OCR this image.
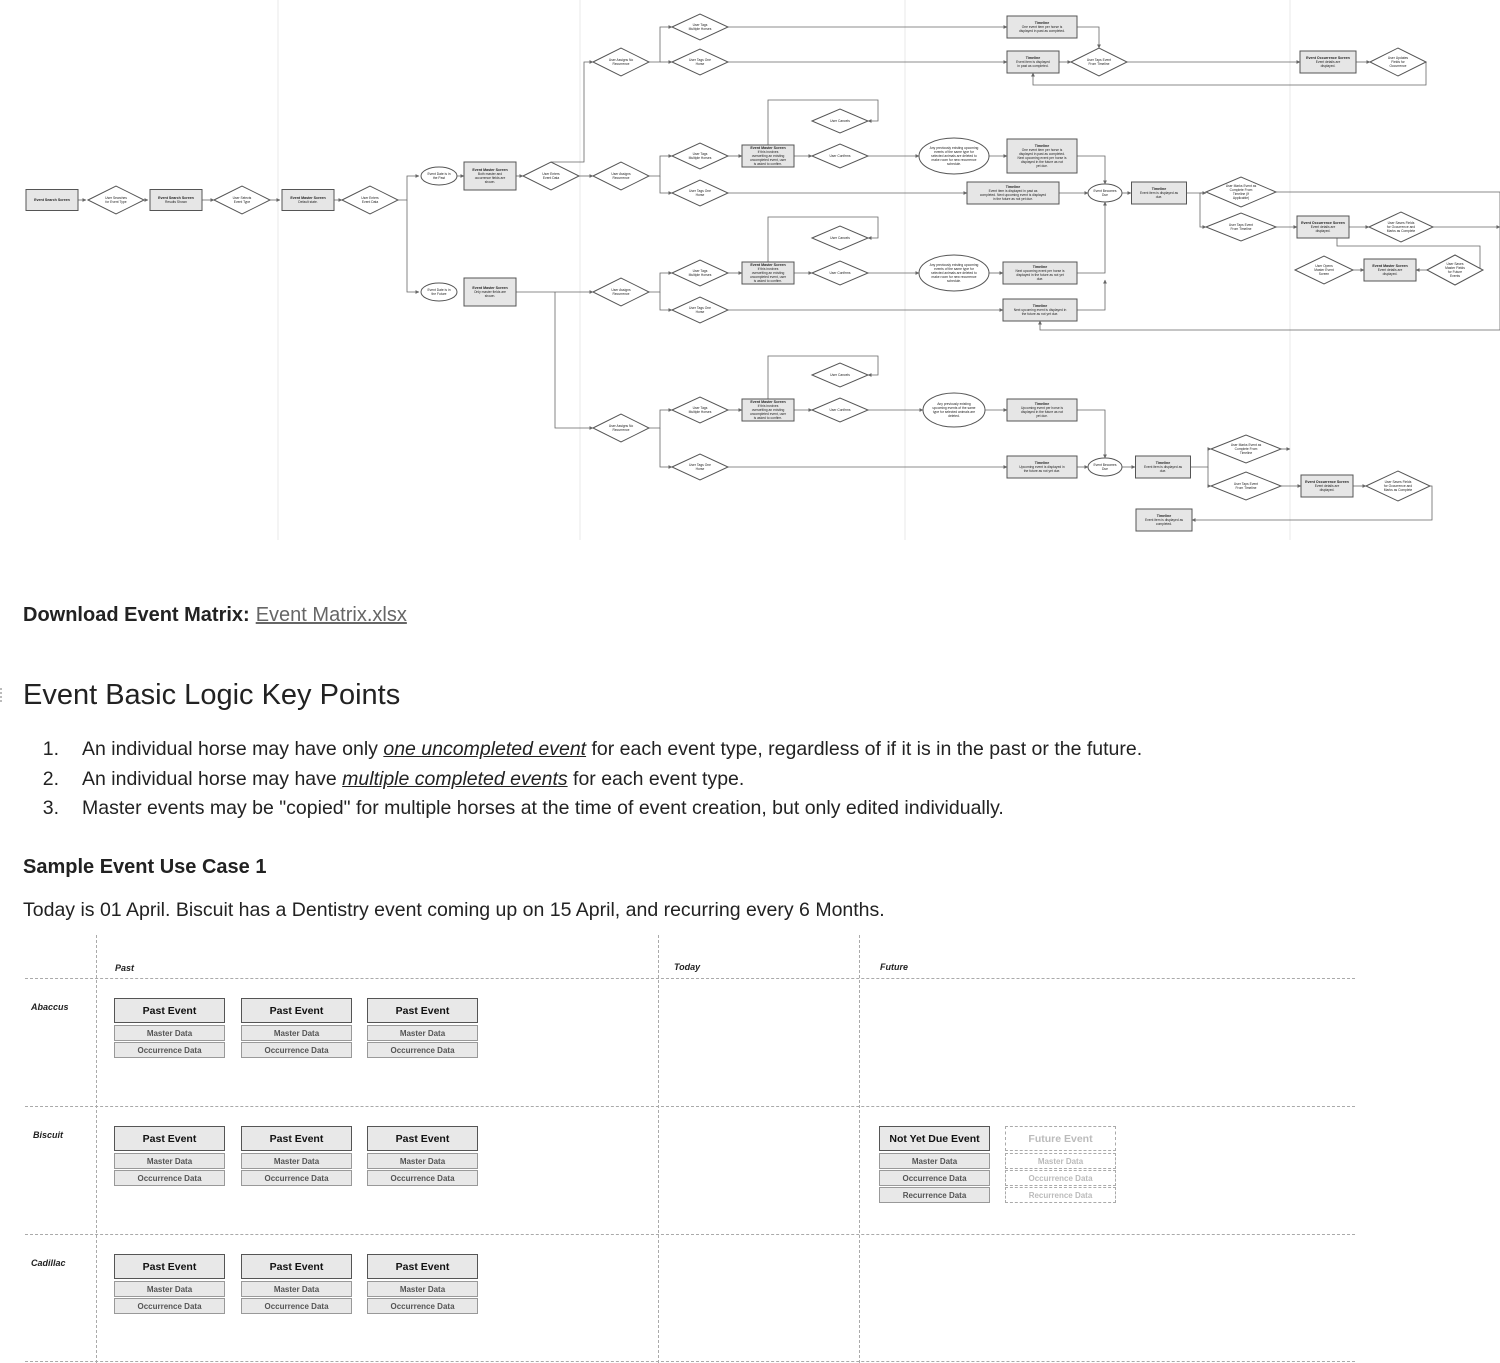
Event Search Screen	User Searches
for Event Type
Event Search Screen
Results Shown
User Selects
Event Type
Event Master Screen
Default state.
User Enters
Event Data
Event Date is in
the Past
Event Date is in
the Future
Event Master Screen
Both master and
occurrence fields are
shown.
Event Master Screen
Only master fields are
shown.
User Enters
Event Data
User Assigns No
Recurrence
User Assigns
Recurrence
User Tags
Multiple Horses
User Tags One
Horse
Timeline
One event item per horse is
displayed in past as completed.
Timeline
Event item is displayed
in past as completed.
User Taps Event
From Timeline
Event Occurrence Screen
Event details are
displayed.
User Updates
Fields for
Occurrence
User Tags
Multiple Horses
Event Master Screen
If this involves
overwriting an existing
uncompleted event, user
is asked to confirm.
User Cancels
User Confirms
Any previously existing upcoming
events of the same type for
selected animals are deleted to
make room for new recurrence
schedule.
Timeline
One event item per horse is
displayed in past as completed.
Next upcoming event per horse is
displayed in the future as not
yet due.
User Tags One
Horse
Timeline
Event item is displayed in past as
completed. Next upcoming event is displayed
in the future as not yet due.
Event Becomes
Due
Timeline
Event item is displayed as
due.
User Marks Event as
Complete From
Timeline (If
Applicable)
User Taps Event
From Timeline
Event Occurrence Screen
Event details are
displayed.
User Saves Fields
for Occurrence and
Marks as Complete
User Opens
Master Event
Screen
Event Master Screen
Event details are
displayed.
User Saves
Master Fields
for Future
Events
User Assigns
Recurrence
User Tags
Multiple Horses
Event Master Screen
If this involves
overwriting an existing
uncompleted event, user
is asked to confirm.
User Cancels
User Confirms
Any previously existing upcoming
events of the same type for
selected animals are deleted to
make room for new recurrence
schedule.
Timeline
Next upcoming event per horse is
displayed in the future as not yet
due.
User Tags One
Horse
Timeline
Next upcoming event is displayed in
the future as not yet due.
User Assigns No
Recurrence
User Tags
Multiple Horses
Event Master Screen
If this involves
overwriting an existing
uncompleted event, user
is asked to confirm.
User Cancels
User Confirms
Any previously existing
upcoming events of the same
type for selected animals are
deleted.
Timeline
Upcoming event per horse is
displayed in the future as not
yet due.
User Tags One
Horse
Timeline
Upcoming event is displayed in
the future as not yet due.
Event Becomes
Due
Timeline
Event item is displayed as
due.
User Marks Event as
Complete From
Timeline
User Taps Event
From Timeline
Event Occurrence Screen
Event details are
displayed.
User Saves Fields
for Occurrence and
Marks as Complete
Timeline
Event item is displayed as
completed.
Download Event Matrix: Event Matrix.xlsx
Event Basic Logic Key Points
1. An individual horse may have only one uncompleted event for each event type, regardless of if it is in the past or the future.
2. An individual horse may have multiple completed events for each event type.
3. Master events may be "copied" for multiple horses at the time of event creation, but only edited individually.
Sample Event Use Case 1

Today is 01 April. Biscuit has a Dentistry event coming up on 15 April, and recurring every 6 Months.

Past	Today	Future
Abaccus
Biscuit
Cadillac
Past Event
Master Data
Occurrence Data
Past Event
Master Data
Occurrence Data
Past Event
Master Data
Occurrence Data
Past Event
Master Data
Occurrence Data
Past Event
Master Data
Occurrence Data
Past Event
Master Data
Occurrence Data
Not Yet Due Event
Master Data
Occurrence Data
Recurrence Data
Future Event
Master Data
Occurrence Data
Recurrence Data
Past Event
Master Data
Occurrence Data
Past Event
Master Data
Occurrence Data
Past Event
Master Data
Occurrence Data
